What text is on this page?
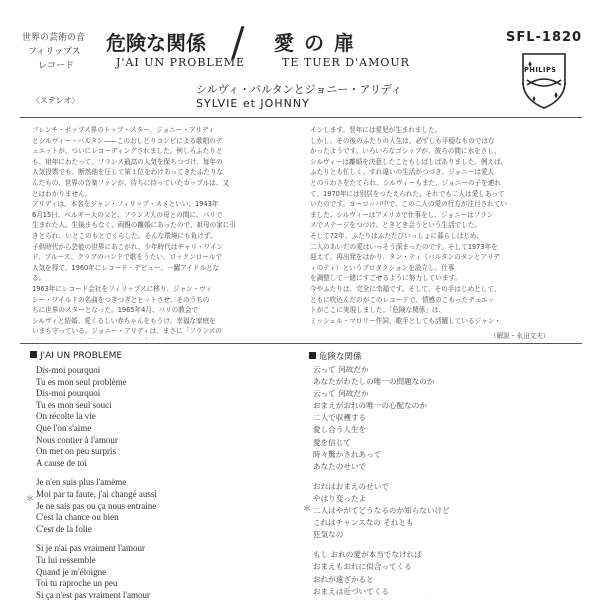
世界の芸術の音
フィリップス
レコード
〈ステレオ〉
危険な関係 / 愛の扉
J'AI UN PROBLEME	TE TUER D'AMOUR
シルヴィ・バルタンとジョニー・アリディ
SYLVIE et JOHNNY
SFL-1820
PHILIPS
フレンチ・ポップス界のトップ・スター、ジョニー・アリディ
とシルヴィー・バルタン——このおしどりコンビによる歌唱のデ
ュエットが、ついにレコーディングされました。例しろふたりと
も、祖年にわたって、フランス最高の人気を保ちつづけ、毎年の
人気投票でも、断然他を圧して第１位をわけあってきたふたりな
んだもの、世界の音楽ファンが、待ちに待っていたカップルは、又
とはわかりません。
アリディは、本名をジャン・フィリップ・スメといい、1943年
6月15日、ベルギー人の父と、フランス人の母との間に、パリで
生まれた人。生後まもなく、両親の離婚にあったので、祖母の家に引
きとられ、いとこのもとでくらした。そんな環境にも負けず、
子供時代から芸能の世界にあこがれ、少年時代はチャリ・ワイン
ド、ブルース、クラブのバンドで歌をうたい、ロックンロールで
人気を得て、1960年にレコード・デビュー、一躍アイドルとな
る。
1963年にレコード会社をフィリップスに移り、ジャン・ヴィ
シー・ワイルドの名曲をつぎつぎとヒットさせ、そのうちの
ちに世界のスターとなった。1965年4月、パリの教会で
シルヴィと結婚、愛くるしい赤ちゃんをもうけ、幸福な家庭を
いまも守っている。ジョニー・アリディは、まさに「フランスの
インします。翌年には愛児が生まれました。
しかし、その後のふたりの人生は、必ずしも平穏なものではな
かったようです。いろいろなゴシップが、彼らの間に水をさし、
シルヴィーは離婚を決意したこともしばしばありました。例えば、
ふたりとも忙しく、すれ違いの生活がつづき、ジョニーは愛人
とのうわさをたてられ、シルヴィーもまた、ジョニーの子を連れ
て、1970年には別居をつたえられた。それでも二人は愛しあって
いたのです。ヨーロッパ中で、この二人の愛の行方が注目されてい
ました。シルヴィーはアメリカで仕事をし、ジョニーはフラン
スでステージをつづけ、ときどき会うという生活でした。
そして72年、ふたりはふたたびいっしょに暮らしはじめ、
二人のあいだの愛はいっそう深まったのです。そして1973年を
迎えて、再出発をはかり、タン・ティ（バルタンのタンとアリデ
ィのティ）というプロダクションを設立し、仕事
を調整して一緒にすごせるように努力しています。
今やふたりは、完全に幸福です。そして、その手はじめとして、
ともに吹込んだのがこのレコードで、情感のこもったデュエッ
トがここに実現しました。「危険な関係」は、
ミッシェル・マロリー作詞、歌手としても活躍しているジャン・
（解説・永田文夫）
J'AI UN PROBLEME
Dis-moi pourquoi
Tu es mon seul problème
Dis-moi pourquoi
Tu es mon seul souci
On récolte la vie
Que l'on s'aime
Nous contier à l'amour
On met on peu surpris
A cause de toi
Je n'en suis plus l'amème
Moi par ta faute, j'ai changé aussi
Je ne sais pas ou ça nous entraine
C'est la chance ou bien
C'est de la folie
Si je n'ai pas vraiment l'amour
Tu lui ressemble
Quand je m'éloigne
Toi tu raproche un peu
Si ça n'est pas vraiment l'amour
＊
危険な関係
云って 何故だか
あなたがわたしの唯一の問題なのか
云って 何故だか
おまえがおれの唯一の心配なのか
二人で収穫する
愛し合う人生を
愛を信じて
時々驚かされあって
あなたのせいで
おれはおまえのせいで
やはり変ったよ
二人はやがてどうなるのか知らないけど
これはチャンスなの それとも
狂気なの
もし おれの愛が本当でなければ
おまえもおれに似合ってくる
おれが遠ざかると
おまえは近づいてくる
＊
